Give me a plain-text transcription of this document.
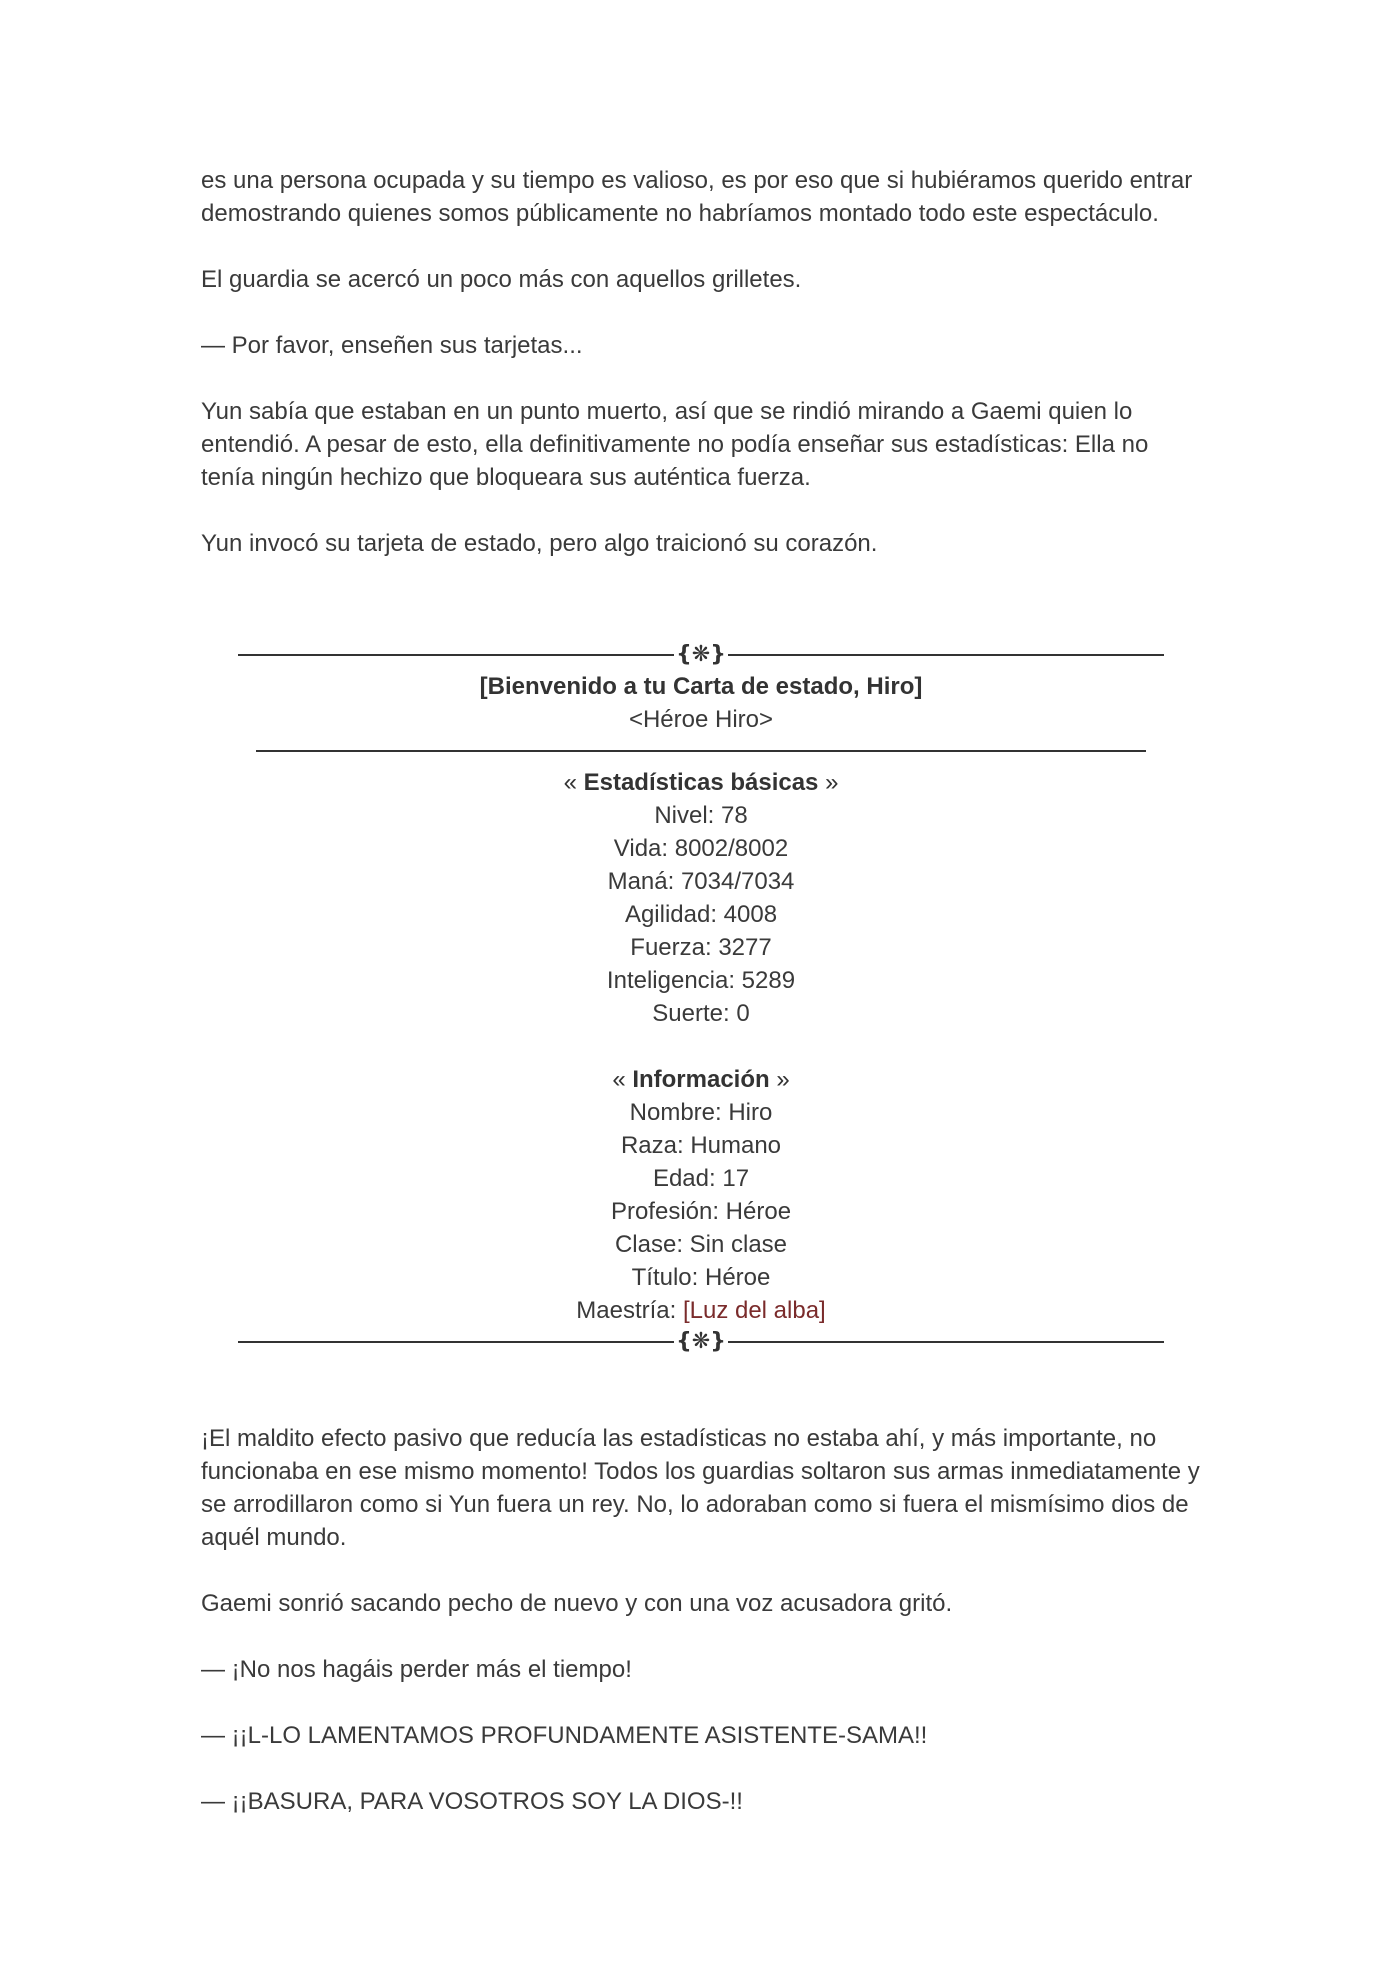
es una persona ocupada y su tiempo es valioso, es por eso que si hubiéramos querido entrar demostrando quienes somos públicamente no habríamos montado todo este espectáculo.

El guardia se acercó un poco más con aquellos grilletes.

— Por favor, enseñen sus tarjetas...

Yun sabía que estaban en un punto muerto, así que se rindió mirando a Gaemi quien lo entendió. A pesar de esto, ella definitivamente no podía enseñar sus estadísticas: Ella no tenía ningún hechizo que bloqueara sus auténtica fuerza.

Yun invocó su tarjeta de estado, pero algo traicionó su corazón.

{❋}
[Bienvenido a tu Carta de estado, Hiro]
<Héroe Hiro>
« Estadísticas básicas »
Nivel: 78
Vida: 8002/8002
Maná: 7034/7034
Agilidad: 4008
Fuerza: 3277
Inteligencia: 5289
Suerte: 0
« Información »
Nombre: Hiro
Raza: Humano
Edad: 17
Profesión: Héroe
Clase: Sin clase
Título: Héroe
Maestría: [Luz del alba]
{❋}

¡El maldito efecto pasivo que reducía las estadísticas no estaba ahí, y más importante, no funcionaba en ese mismo momento! Todos los guardias soltaron sus armas inmediatamente y se arrodillaron como si Yun fuera un rey. No, lo adoraban como si fuera el mismísimo dios de aquél mundo.

Gaemi sonrió sacando pecho de nuevo y con una voz acusadora gritó.

— ¡No nos hagáis perder más el tiempo!

— ¡¡L-LO LAMENTAMOS PROFUNDAMENTE ASISTENTE-SAMA!!

— ¡¡BASURA, PARA VOSOTROS SOY LA DIOS-!!
